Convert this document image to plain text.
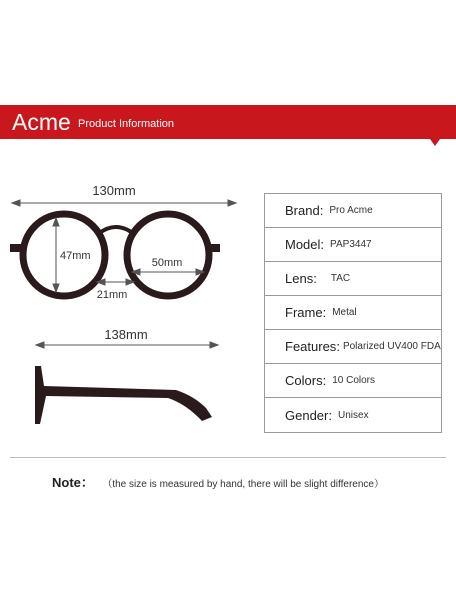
Acme Product Information
130mm
47mm
50mm
21mm
138mm
Brand : Pro Acme
Model : PAP3447
Lens : TAC
Frame : Metal
Features : Polarized UV400 FDA
Colors : 10 Colors
Gender : Unisex
Note： （the size is measured by hand, there will be slight difference）
